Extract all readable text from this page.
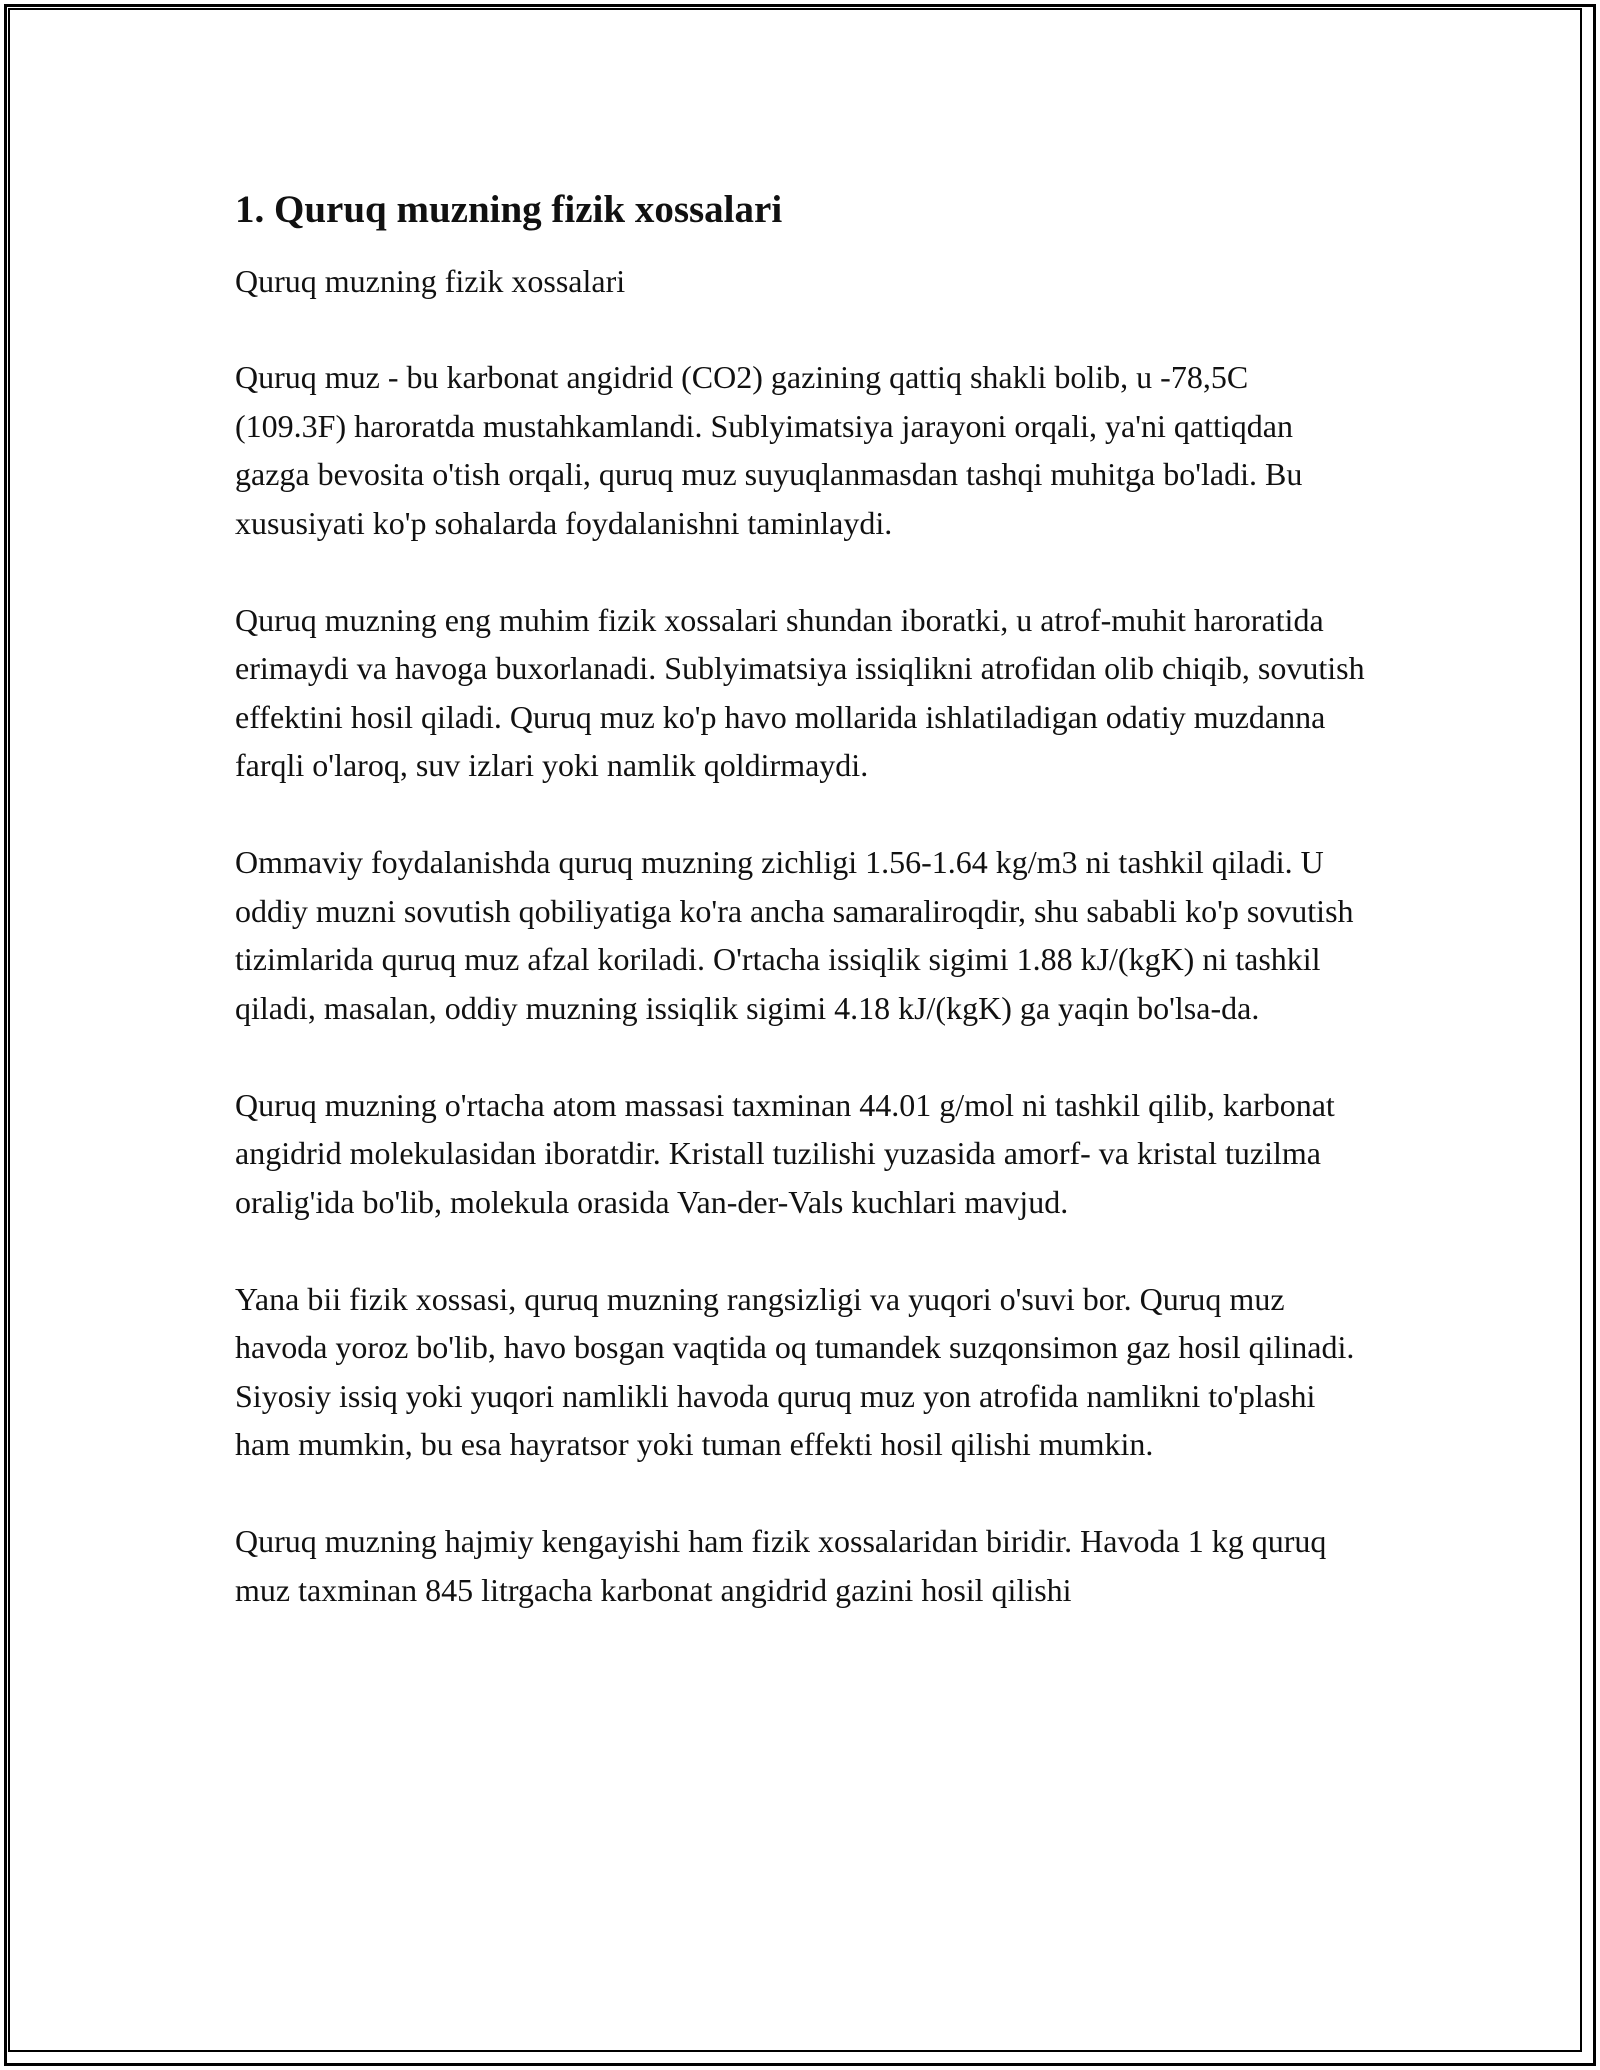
1. Quruq muzning fizik xossalari

Quruq muzning fizik xossalari

Quruq muz - bu karbonat angidrid (CO2) gazining qattiq shakli bolib, u -78,5C (109.3F) haroratda mustahkamlandi. Sublyimatsiya jarayoni orqali, ya'ni qattiqdan gazga bevosita o'tish orqali, quruq muz suyuqlanmasdan tashqi muhitga bo'ladi. Bu xususiyati ko'p sohalarda foydalanishni taminlaydi.

Quruq muzning eng muhim fizik xossalari shundan iboratki, u atrof-muhit haroratida erimaydi va havoga buxorlanadi. Sublyimatsiya issiqlikni atrofidan olib chiqib, sovutish effektini hosil qiladi. Quruq muz ko'p havo mollarida ishlatiladigan odatiy muzdanna farqli o'laroq, suv izlari yoki namlik qoldirmaydi.

Ommaviy foydalanishda quruq muzning zichligi 1.56-1.64 kg/m3 ni tashkil qiladi. U oddiy muzni sovutish qobiliyatiga ko'ra ancha samaraliroqdir, shu sababli ko'p sovutish tizimlarida quruq muz afzal koriladi. O'rtacha issiqlik sigimi 1.88 kJ/(kgK) ni tashkil qiladi, masalan, oddiy muzning issiqlik sigimi 4.18 kJ/(kgK) ga yaqin bo'lsa-da.

Quruq muzning o'rtacha atom massasi taxminan 44.01 g/mol ni tashkil qilib, karbonat angidrid molekulasidan iboratdir. Kristall tuzilishi yuzasida amorf- va kristal tuzilma oralig'ida bo'lib, molekula orasida Van-der-Vals kuchlari mavjud.

Yana bii fizik xossasi, quruq muzning rangsizligi va yuqori o'suvi bor. Quruq muz havoda yoroz bo'lib, havo bosgan vaqtida oq tumandek suzqonsimon gaz hosil qilinadi. Siyosiy issiq yoki yuqori namlikli havoda quruq muz yon atrofida namlikni to'plashi ham mumkin, bu esa hayratsor yoki tuman effekti hosil qilishi mumkin.

Quruq muzning hajmiy kengayishi ham fizik xossalaridan biridir. Havoda 1 kg quruq muz taxminan 845 litrgacha karbonat angidrid gazini hosil qilishi
